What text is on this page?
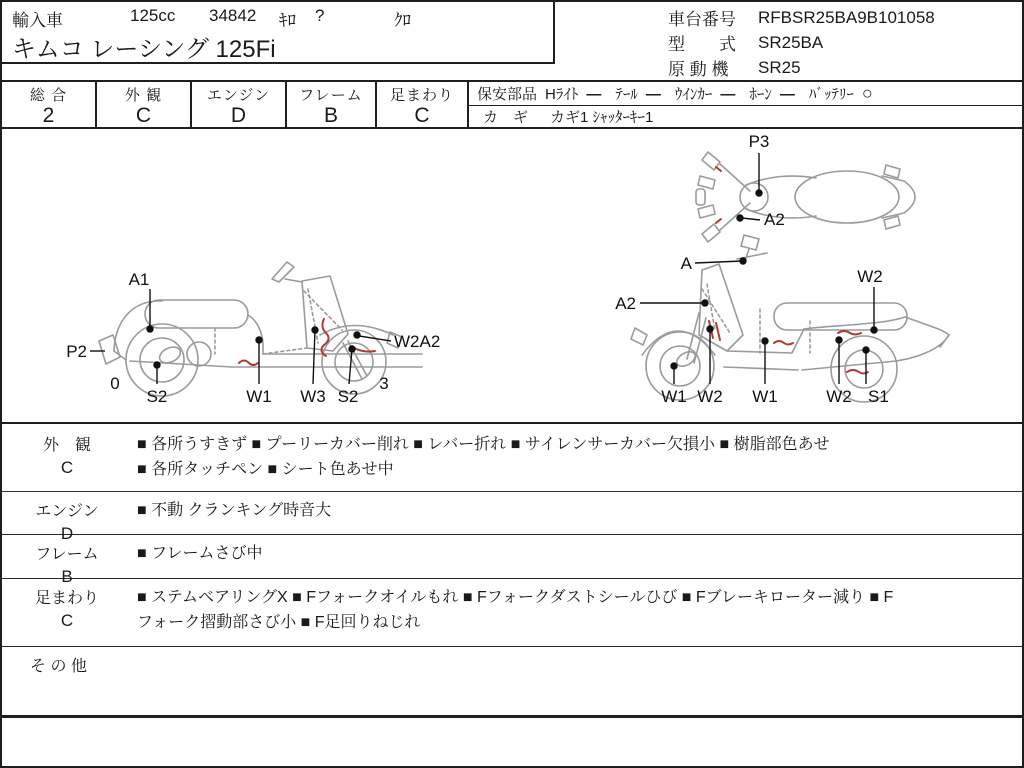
輸入車	125cc 34842 ｷﾛ ?	ｸﾛ
キムコ レーシング 125Fi
車台番号	RFBSR25BA9B101058
型　　式	SR25BA
原 動 機	SR25
総 合
2
外 観
C
エンジン
D
フレーム
B
足まわり
C
保安部品 Hﾗｲﾄ — ﾃｰﾙ — ｳｲﾝｶｰ — ﾎｰﾝ — ﾊﾞｯﾃﾘｰ ○
カ　ギ カギ1 ｼｬｯﾀｰｷｰ1
A1
P2
0
S2	W1 W3 S2
3
W2A2
A
A2
W2
W1 W2 W1	W2 S1
P3
A2
外　観
C
■ 各所うすきず ■ プーリーカバー削れ ■ レバー折れ ■ サイレンサーカバー欠損小 ■ 樹脂部色あせ
■ 各所タッチペン ■ シート色あせ中
エンジン
D
■ 不動 クランキング時音大
フレーム
B
■ フレームさび中
足まわり
C
■ ステムベアリングX ■ Fフォークオイルもれ ■ Fフォークダストシールひび ■ Fブレーキローター減り ■ F
フォーク摺動部さび小 ■ F足回りねじれ
そ の 他
